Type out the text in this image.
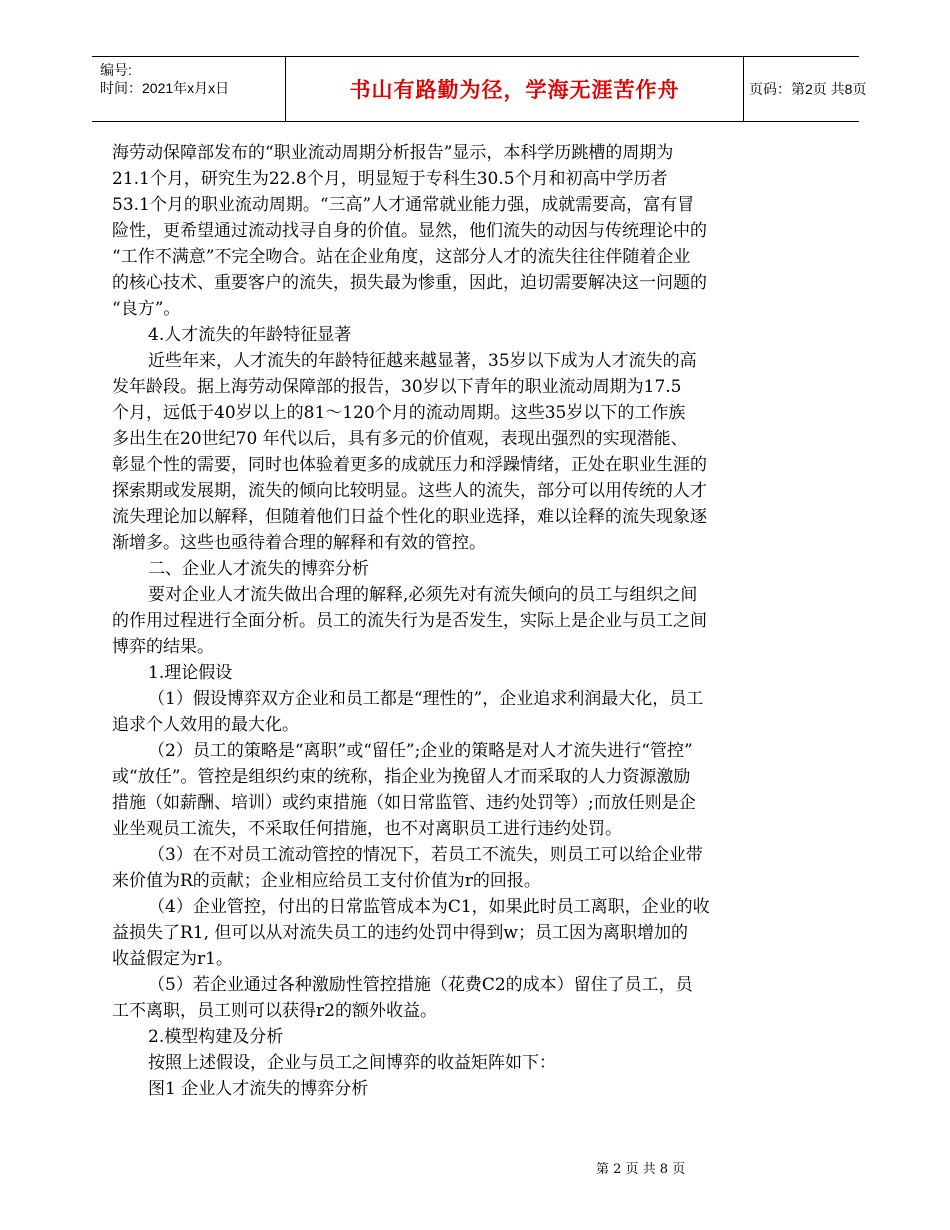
编号:
时间：2021年x月x日	书山有路勤为径，学海无涯苦作舟	页码：第2页 共8页
海劳动保障部发布的“职业流动周期分析报告”显示，本科学历跳槽的周期为
21.1个月，研究生为22.8个月，明显短于专科生30.5个月和初高中学历者
53.1个月的职业流动周期。“三高”人才通常就业能力强，成就需要高，富有冒
险性，更希望通过流动找寻自身的价值。显然，他们流失的动因与传统理论中的
“工作不满意”不完全吻合。站在企业角度，这部分人才的流失往往伴随着企业
的核心技术、重要客户的流失，损失最为惨重，因此，迫切需要解决这一问题的
“良方”。
4.人才流失的年龄特征显著
近些年来，人才流失的年龄特征越来越显著，35岁以下成为人才流失的高
发年龄段。据上海劳动保障部的报告，30岁以下青年的职业流动周期为17.5
个月，远低于40岁以上的81～120个月的流动周期。这些35岁以下的工作族
多出生在20世纪70 年代以后，具有多元的价值观，表现出强烈的实现潜能、
彰显个性的需要，同时也体验着更多的成就压力和浮躁情绪，正处在职业生涯的
探索期或发展期，流失的倾向比较明显。这些人的流失，部分可以用传统的人才
流失理论加以解释，但随着他们日益个性化的职业选择，难以诠释的流失现象逐
渐增多。这些也亟待着合理的解释和有效的管控。
二、企业人才流失的博弈分析
要对企业人才流失做出合理的解释,必须先对有流失倾向的员工与组织之间
的作用过程进行全面分析。员工的流失行为是否发生，实际上是企业与员工之间
博弈的结果。
1.理论假设
（1）假设博弈双方企业和员工都是“理性的”，企业追求利润最大化，员工
追求个人效用的最大化。
（2）员工的策略是“离职”或“留任”;企业的策略是对人才流失进行“管控”
或“放任”。管控是组织约束的统称，指企业为挽留人才而采取的人力资源激励
措施（如薪酬、培训）或约束措施（如日常监管、违约处罚等）;而放任则是企
业坐观员工流失，不采取任何措施，也不对离职员工进行违约处罚。
（3）在不对员工流动管控的情况下，若员工不流失，则员工可以给企业带
来价值为R的贡献；企业相应给员工支付价值为r的回报。
（4）企业管控，付出的日常监管成本为C1，如果此时员工离职，企业的收
益损失了R1, 但可以从对流失员工的违约处罚中得到w；员工因为离职增加的
收益假定为r1。
（5）若企业通过各种激励性管控措施（花费C2的成本）留住了员工，员
工不离职，员工则可以获得r2的额外收益。
2.模型构建及分析
按照上述假设，企业与员工之间博弈的收益矩阵如下：
图1 企业人才流失的博弈分析
第 2 页 共 8 页
